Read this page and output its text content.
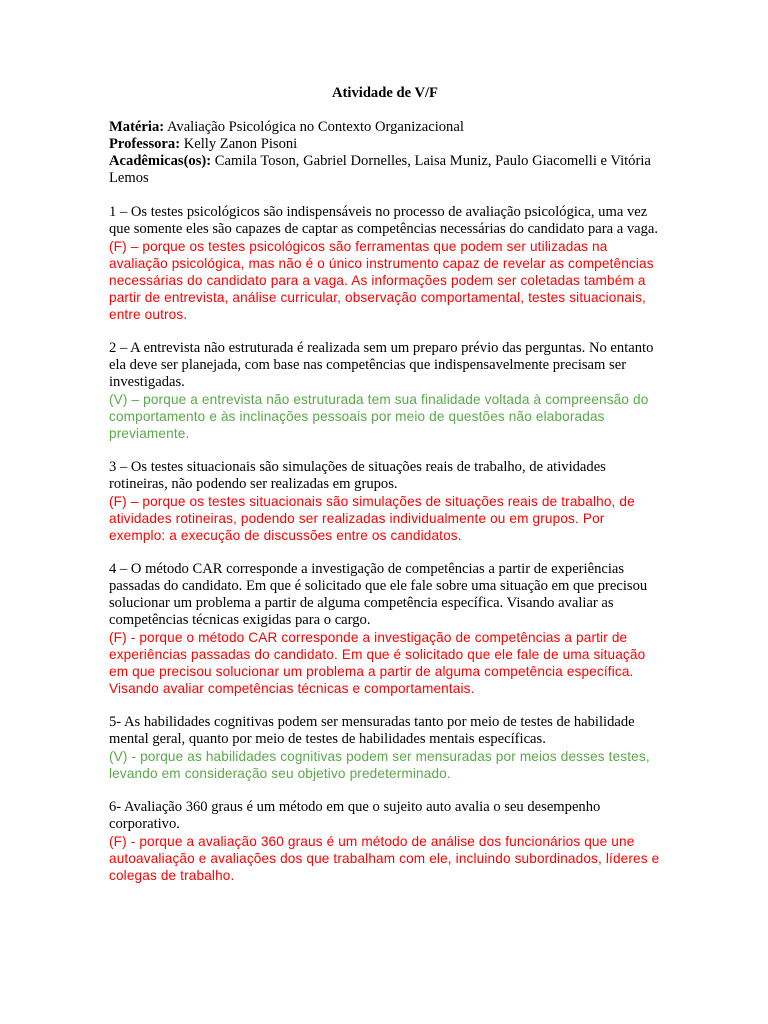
Atividade de V/F

Matéria: Avaliação Psicológica no Contexto Organizacional

Professora: Kelly Zanon Pisoni

Acadêmicas(os): Camila Toson, Gabriel Dornelles, Laisa Muniz, Paulo Giacomelli e Vitória Lemos

1 – Os testes psicológicos são indispensáveis no processo de avaliação psicológica, uma vez que somente eles são capazes de captar as competências necessárias do candidato para a vaga.

(F) – porque os testes psicológicos são ferramentas que podem ser utilizadas na avaliação psicológica, mas não é o único instrumento capaz de revelar as competências necessárias do candidato para a vaga. As informações podem ser coletadas também a partir de entrevista, análise curricular, observação comportamental, testes situacionais, entre outros.

2 – A entrevista não estruturada é realizada sem um preparo prévio das perguntas. No entanto ela deve ser planejada, com base nas competências que indispensavelmente precisam ser investigadas.

(V) – porque a entrevista não estruturada tem sua finalidade voltada à compreensão do comportamento e às inclinações pessoais por meio de questões não elaboradas previamente.

3 – Os testes situacionais são simulações de situações reais de trabalho, de atividades rotineiras, não podendo ser realizadas em grupos.

(F) – porque os testes situacionais são simulações de situações reais de trabalho, de atividades rotineiras, podendo ser realizadas individualmente ou em grupos. Por exemplo: a execução de discussões entre os candidatos.

4 – O método CAR corresponde a investigação de competências a partir de experiências passadas do candidato. Em que é solicitado que ele fale sobre uma situação em que precisou solucionar um problema a partir de alguma competência específica. Visando avaliar as competências técnicas exigidas para o cargo.

(F) - porque o método CAR corresponde a investigação de competências a partir de experiências passadas do candidato. Em que é solicitado que ele fale de uma situação em que precisou solucionar um problema a partir de alguma competência específica. Visando avaliar competências técnicas e comportamentais.

5- As habilidades cognitivas podem ser mensuradas tanto por meio de testes de habilidade mental geral, quanto por meio de testes de habilidades mentais específicas.

(V) - porque as habilidades cognitivas podem ser mensuradas por meios desses testes, levando em consideração seu objetivo predeterminado.

6- Avaliação 360 graus é um método em que o sujeito auto avalia o seu desempenho corporativo.

(F) - porque a avaliação 360 graus é um método de análise dos funcionários que une autoavaliação e avaliações dos que trabalham com ele, incluindo subordinados, líderes e colegas de trabalho.
